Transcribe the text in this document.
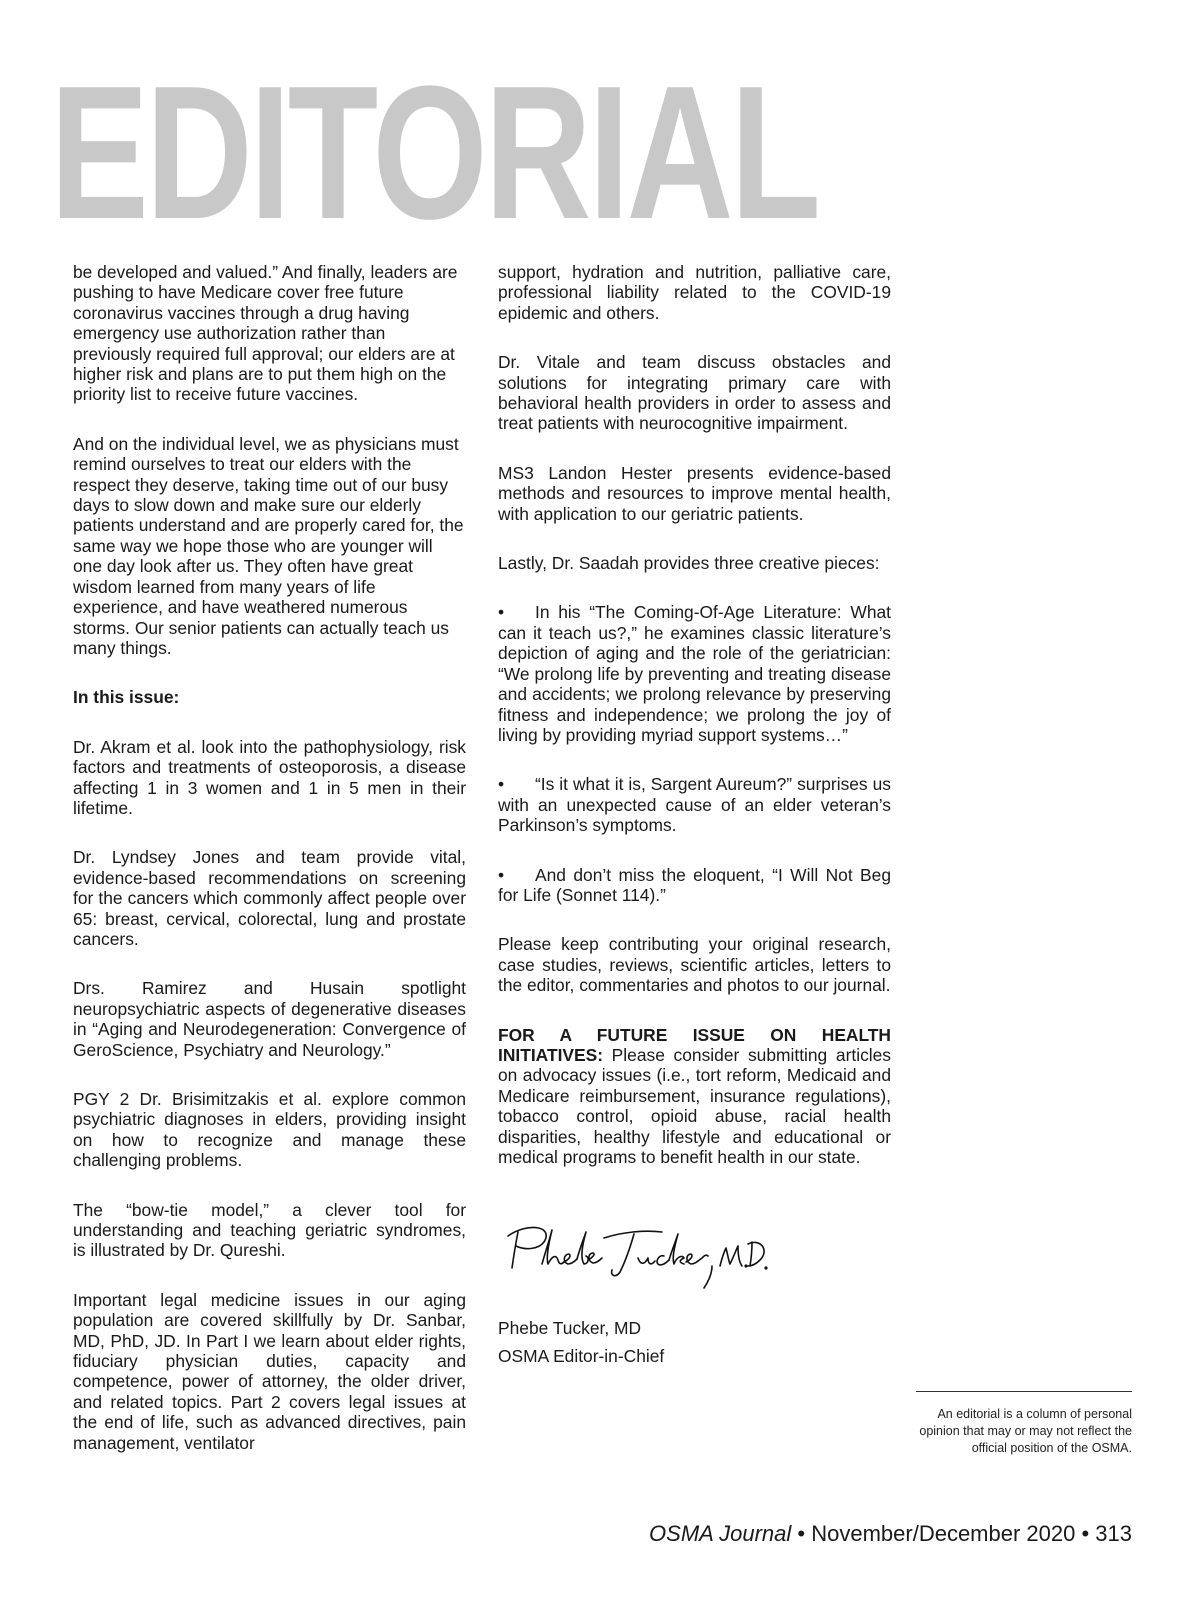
EDITORIAL

be developed and valued.” And finally, leaders are pushing to have Medicare cover free future coronavirus vaccines through a drug having emergency use authorization rather than previously required full approval; our elders are at higher risk and plans are to put them high on the priority list to receive future vaccines.

And on the individual level, we as physicians must remind ourselves to treat our elders with the respect they deserve, taking time out of our busy days to slow down and make sure our elderly patients understand and are properly cared for, the same way we hope those who are younger will one day look after us. They often have great wisdom learned from many years of life experience, and have weathered numerous storms. Our senior patients can actually teach us many things.

In this issue:

Dr. Akram et al. look into the pathophysiology, risk factors and treatments of osteoporosis, a disease affecting 1 in 3 women and 1 in 5 men in their lifetime.

Dr. Lyndsey Jones and team provide vital, evidence-based recommendations on screening for the cancers which commonly affect people over 65: breast, cervical, colorectal, lung and prostate cancers.

Drs. Ramirez and Husain spotlight neuropsychiatric aspects of degenerative diseases in “Aging and Neurodegeneration: Convergence of GeroScience, Psychiatry and Neurology.”

PGY 2 Dr. Brisimitzakis et al. explore common psychiatric diagnoses in elders, providing insight on how to recognize and manage these challenging problems.

The “bow-tie model,” a clever tool for understanding and teaching geriatric syndromes, is illustrated by Dr. Qureshi.

Important legal medicine issues in our aging population are covered skillfully by Dr. Sanbar, MD, PhD, JD. In Part I we learn about elder rights, fiduciary physician duties, capacity and competence, power of attorney, the older driver, and related topics. Part 2 covers legal issues at the end of life, such as advanced directives, pain management, ventilator

support, hydration and nutrition, palliative care, professional liability related to the COVID-19 epidemic and others.

Dr. Vitale and team discuss obstacles and solutions for integrating primary care with behavioral health providers in order to assess and treat patients with neurocognitive impairment.

MS3 Landon Hester presents evidence-based methods and resources to improve mental health, with application to our geriatric patients.

Lastly, Dr. Saadah provides three creative pieces:

• In his “The Coming-Of-Age Literature: What can it teach us?,” he examines classic literature’s depiction of aging and the role of the geriatrician: “We prolong life by preventing and treating disease and accidents; we prolong relevance by preserving fitness and independence; we prolong the joy of living by providing myriad support systems…”

• “Is it what it is, Sargent Aureum?” surprises us with an unexpected cause of an elder veteran’s Parkinson’s symptoms.

• And don’t miss the eloquent, “I Will Not Beg for Life (Sonnet 114).”

Please keep contributing your original research, case studies, reviews, scientific articles, letters to the editor, commentaries and photos to our journal.

FOR A FUTURE ISSUE ON HEALTH INITIATIVES: Please consider submitting articles on advocacy issues (i.e., tort reform, Medicaid and Medicare reimbursement, insurance regulations), tobacco control, opioid abuse, racial health disparities, healthy lifestyle and educational or medical programs to benefit health in our state.

Phebe Tucker, MD

OSMA Editor-in-Chief

An editorial is a column of personal opinion that may or may not reflect the official position of the OSMA.
OSMA Journal • November/December 2020 • 313
